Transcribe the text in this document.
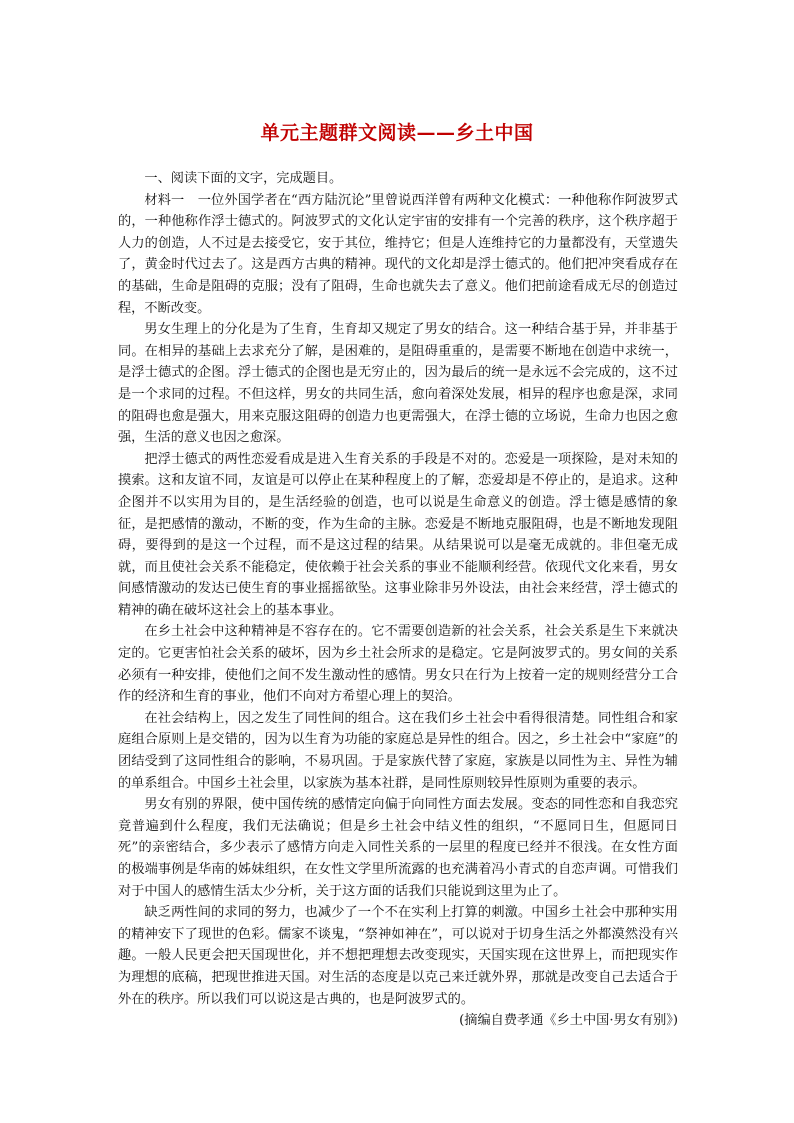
单元主题群文阅读——乡土中国

一、阅读下面的文字，完成题目。

材料一　一位外国学者在“西方陆沉论”里曾说西洋曾有两种文化模式：一种他称作阿波罗式的，一种他称作浮士德式的。阿波罗式的文化认定宇宙的安排有一个完善的秩序，这个秩序超于人力的创造，人不过是去接受它，安于其位，维持它；但是人连维持它的力量都没有，天堂遗失了，黄金时代过去了。这是西方古典的精神。现代的文化却是浮士德式的。他们把冲突看成存在的基础，生命是阻碍的克服；没有了阻碍，生命也就失去了意义。他们把前途看成无尽的创造过程，不断改变。

男女生理上的分化是为了生育，生育却又规定了男女的结合。这一种结合基于异，并非基于同。在相异的基础上去求充分了解，是困难的，是阻碍重重的，是需要不断地在创造中求统一，是浮士德式的企图。浮士德式的企图也是无穷止的，因为最后的统一是永远不会完成的，这不过是一个求同的过程。不但这样，男女的共同生活，愈向着深处发展，相异的程序也愈是深，求同的阻碍也愈是强大，用来克服这阻碍的创造力也更需强大，在浮士德的立场说，生命力也因之愈强，生活的意义也因之愈深。

把浮士德式的两性恋爱看成是进入生育关系的手段是不对的。恋爱是一项探险，是对未知的摸索。这和友谊不同，友谊是可以停止在某种程度上的了解，恋爱却是不停止的，是追求。这种企图并不以实用为目的，是生活经验的创造，也可以说是生命意义的创造。浮士德是感情的象征，是把感情的激动，不断的变，作为生命的主脉。恋爱是不断地克服阻碍，也是不断地发现阻碍，要得到的是这一个过程，而不是这过程的结果。从结果说可以是毫无成就的。非但毫无成就，而且使社会关系不能稳定，使依赖于社会关系的事业不能顺利经营。依现代文化来看，男女间感情激动的发达已使生育的事业摇摇欲坠。这事业除非另外设法，由社会来经营，浮士德式的精神的确在破坏这社会上的基本事业。

在乡土社会中这种精神是不容存在的。它不需要创造新的社会关系，社会关系是生下来就决定的。它更害怕社会关系的破坏，因为乡土社会所求的是稳定。它是阿波罗式的。男女间的关系必须有一种安排，使他们之间不发生激动性的感情。男女只在行为上按着一定的规则经营分工合作的经济和生育的事业，他们不向对方希望心理上的契洽。

在社会结构上，因之发生了同性间的组合。这在我们乡土社会中看得很清楚。同性组合和家庭组合原则上是交错的，因为以生育为功能的家庭总是异性的组合。因之，乡土社会中“家庭”的团结受到了这同性组合的影响，不易巩固。于是家族代替了家庭，家族是以同性为主、异性为辅的单系组合。中国乡土社会里，以家族为基本社群，是同性原则较异性原则为重要的表示。

男女有别的界限，使中国传统的感情定向偏于向同性方面去发展。变态的同性恋和自我恋究竟普遍到什么程度，我们无法确说；但是乡土社会中结义性的组织，“不愿同日生，但愿同日死”的亲密结合，多少表示了感情方向走入同性关系的一层里的程度已经并不很浅。在女性方面的极端事例是华南的姊妹组织，在女性文学里所流露的也充满着冯小青式的自恋声调。可惜我们对于中国人的感情生活太少分析，关于这方面的话我们只能说到这里为止了。

缺乏两性间的求同的努力，也减少了一个不在实利上打算的刺激。中国乡土社会中那种实用的精神安下了现世的色彩。儒家不谈鬼，“祭神如神在”，可以说对于切身生活之外都漠然没有兴趣。一般人民更会把天国现世化，并不想把理想去改变现实，天国实现在这世界上，而把现实作为理想的底稿，把现世推进天国。对生活的态度是以克己来迁就外界，那就是改变自己去适合于外在的秩序。所以我们可以说这是古典的，也是阿波罗式的。

(摘编自费孝通《乡土中国·男女有别》)
